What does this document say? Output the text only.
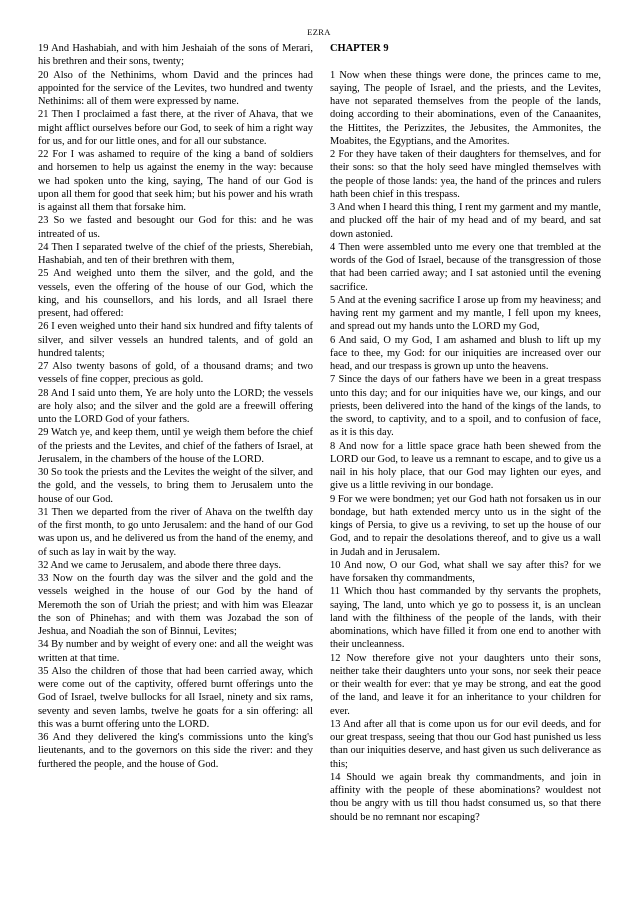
EZRA

19 And Hashabiah, and with him Jeshaiah of the sons of Merari, his brethren and their sons, twenty;

20 Also of the Nethinims, whom David and the princes had appointed for the service of the Levites, two hundred and twenty Nethinims: all of them were expressed by name.

21 Then I proclaimed a fast there, at the river of Ahava, that we might afflict ourselves before our God, to seek of him a right way for us, and for our little ones, and for all our substance.

22 For I was ashamed to require of the king a band of soldiers and horsemen to help us against the enemy in the way: because we had spoken unto the king, saying, The hand of our God is upon all them for good that seek him; but his power and his wrath is against all them that forsake him.

23 So we fasted and besought our God for this: and he was intreated of us.

24 Then I separated twelve of the chief of the priests, Sherebiah, Hashabiah, and ten of their brethren with them,

25 And weighed unto them the silver, and the gold, and the vessels, even the offering of the house of our God, which the king, and his counsellors, and his lords, and all Israel there present, had offered:

26 I even weighed unto their hand six hundred and fifty talents of silver, and silver vessels an hundred talents, and of gold an hundred talents;

27 Also twenty basons of gold, of a thousand drams; and two vessels of fine copper, precious as gold.

28 And I said unto them, Ye are holy unto the LORD; the vessels are holy also; and the silver and the gold are a freewill offering unto the LORD God of your fathers.

29 Watch ye, and keep them, until ye weigh them before the chief of the priests and the Levites, and chief of the fathers of Israel, at Jerusalem, in the chambers of the house of the LORD.

30 So took the priests and the Levites the weight of the silver, and the gold, and the vessels, to bring them to Jerusalem unto the house of our God.

31 Then we departed from the river of Ahava on the twelfth day of the first month, to go unto Jerusalem: and the hand of our God was upon us, and he delivered us from the hand of the enemy, and of such as lay in wait by the way.

32 And we came to Jerusalem, and abode there three days.

33 Now on the fourth day was the silver and the gold and the vessels weighed in the house of our God by the hand of Meremoth the son of Uriah the priest; and with him was Eleazar the son of Phinehas; and with them was Jozabad the son of Jeshua, and Noadiah the son of Binnui, Levites;

34 By number and by weight of every one: and all the weight was written at that time.

35 Also the children of those that had been carried away, which were come out of the captivity, offered burnt offerings unto the God of Israel, twelve bullocks for all Israel, ninety and six rams, seventy and seven lambs, twelve he goats for a sin offering: all this was a burnt offering unto the LORD.

36 And they delivered the king's commissions unto the king's lieutenants, and to the governors on this side the river: and they furthered the people, and the house of God.

CHAPTER 9

1 Now when these things were done, the princes came to me, saying, The people of Israel, and the priests, and the Levites, have not separated themselves from the people of the lands, doing according to their abominations, even of the Canaanites, the Hittites, the Perizzites, the Jebusites, the Ammonites, the Moabites, the Egyptians, and the Amorites.

2 For they have taken of their daughters for themselves, and for their sons: so that the holy seed have mingled themselves with the people of those lands: yea, the hand of the princes and rulers hath been chief in this trespass.

3 And when I heard this thing, I rent my garment and my mantle, and plucked off the hair of my head and of my beard, and sat down astonied.

4 Then were assembled unto me every one that trembled at the words of the God of Israel, because of the transgression of those that had been carried away; and I sat astonied until the evening sacrifice.

5 And at the evening sacrifice I arose up from my heaviness; and having rent my garment and my mantle, I fell upon my knees, and spread out my hands unto the LORD my God,

6 And said, O my God, I am ashamed and blush to lift up my face to thee, my God: for our iniquities are increased over our head, and our trespass is grown up unto the heavens.

7 Since the days of our fathers have we been in a great trespass unto this day; and for our iniquities have we, our kings, and our priests, been delivered into the hand of the kings of the lands, to the sword, to captivity, and to a spoil, and to confusion of face, as it is this day.

8 And now for a little space grace hath been shewed from the LORD our God, to leave us a remnant to escape, and to give us a nail in his holy place, that our God may lighten our eyes, and give us a little reviving in our bondage.

9 For we were bondmen; yet our God hath not forsaken us in our bondage, but hath extended mercy unto us in the sight of the kings of Persia, to give us a reviving, to set up the house of our God, and to repair the desolations thereof, and to give us a wall in Judah and in Jerusalem.

10 And now, O our God, what shall we say after this? for we have forsaken thy commandments,

11 Which thou hast commanded by thy servants the prophets, saying, The land, unto which ye go to possess it, is an unclean land with the filthiness of the people of the lands, with their abominations, which have filled it from one end to another with their uncleanness.

12 Now therefore give not your daughters unto their sons, neither take their daughters unto your sons, nor seek their peace or their wealth for ever: that ye may be strong, and eat the good of the land, and leave it for an inheritance to your children for ever.

13 And after all that is come upon us for our evil deeds, and for our great trespass, seeing that thou our God hast punished us less than our iniquities deserve, and hast given us such deliverance as this;

14 Should we again break thy commandments, and join in affinity with the people of these abominations? wouldest not thou be angry with us till thou hadst consumed us, so that there should be no remnant nor escaping?
